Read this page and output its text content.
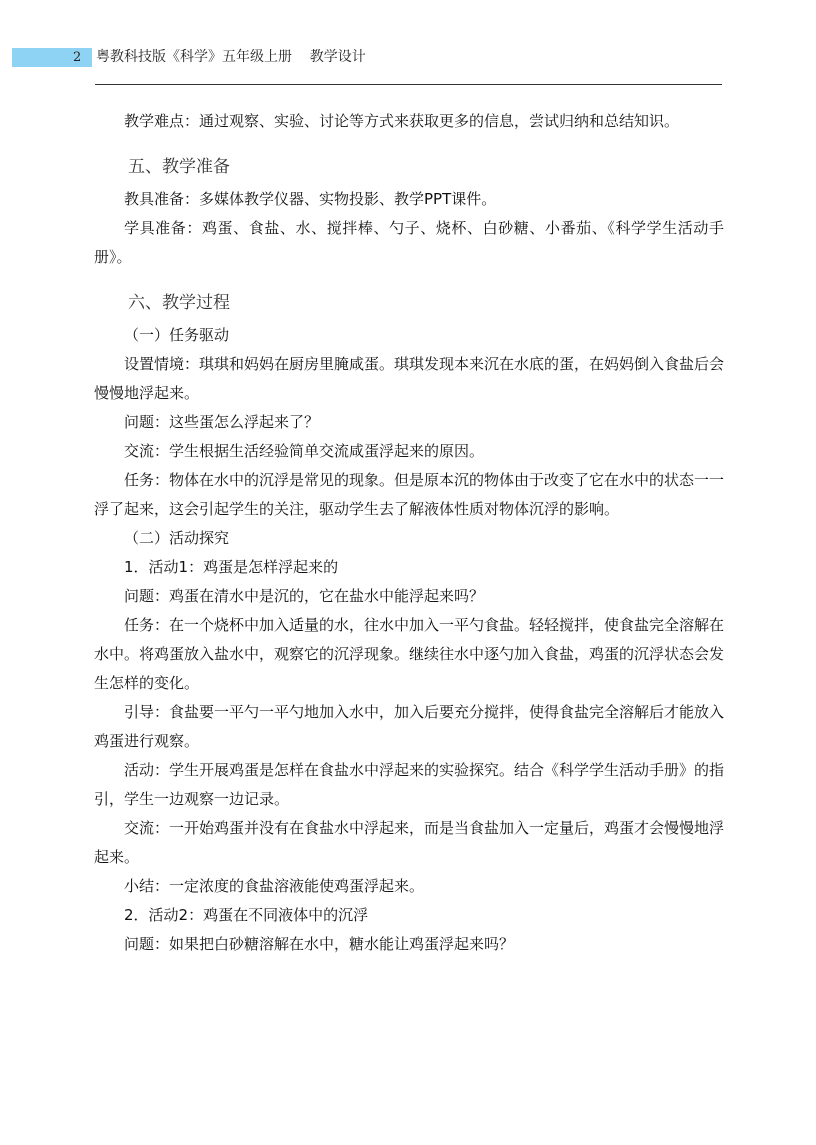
2 粤教科技版《科学》五年级上册    教学设计

教学难点：通过观察、实验、讨论等方式来获取更多的信息，尝试归纳和总结知识。

五、教学准备

教具准备：多媒体教学仪器、实物投影、教学PPT课件。

学具准备：鸡蛋、食盐、水、搅拌棒、勺子、烧杯、白砂糖、小番茄、《科学学生活动手册》。

六、教学过程

（一）任务驱动

设置情境：琪琪和妈妈在厨房里腌咸蛋。琪琪发现本来沉在水底的蛋，在妈妈倒入食盐后会慢慢地浮起来。

问题：这些蛋怎么浮起来了？

交流：学生根据生活经验简单交流咸蛋浮起来的原因。

任务：物体在水中的沉浮是常见的现象。但是原本沉的物体由于改变了它在水中的状态一一浮了起来，这会引起学生的关注，驱动学生去了解液体性质对物体沉浮的影响。

（二）活动探究

1．活动1：鸡蛋是怎样浮起来的

问题：鸡蛋在清水中是沉的，它在盐水中能浮起来吗？

任务：在一个烧杯中加入适量的水，往水中加入一平勺食盐。轻轻搅拌，使食盐完全溶解在水中。将鸡蛋放入盐水中，观察它的沉浮现象。继续往水中逐勺加入食盐，鸡蛋的沉浮状态会发生怎样的变化。

引导：食盐要一平勺一平勺地加入水中，加入后要充分搅拌，使得食盐完全溶解后才能放入鸡蛋进行观察。

活动：学生开展鸡蛋是怎样在食盐水中浮起来的实验探究。结合《科学学生活动手册》的指引，学生一边观察一边记录。

交流：一开始鸡蛋并没有在食盐水中浮起来，而是当食盐加入一定量后，鸡蛋才会慢慢地浮起来。

小结：一定浓度的食盐溶液能使鸡蛋浮起来。

2．活动2：鸡蛋在不同液体中的沉浮

问题：如果把白砂糖溶解在水中，糖水能让鸡蛋浮起来吗？
